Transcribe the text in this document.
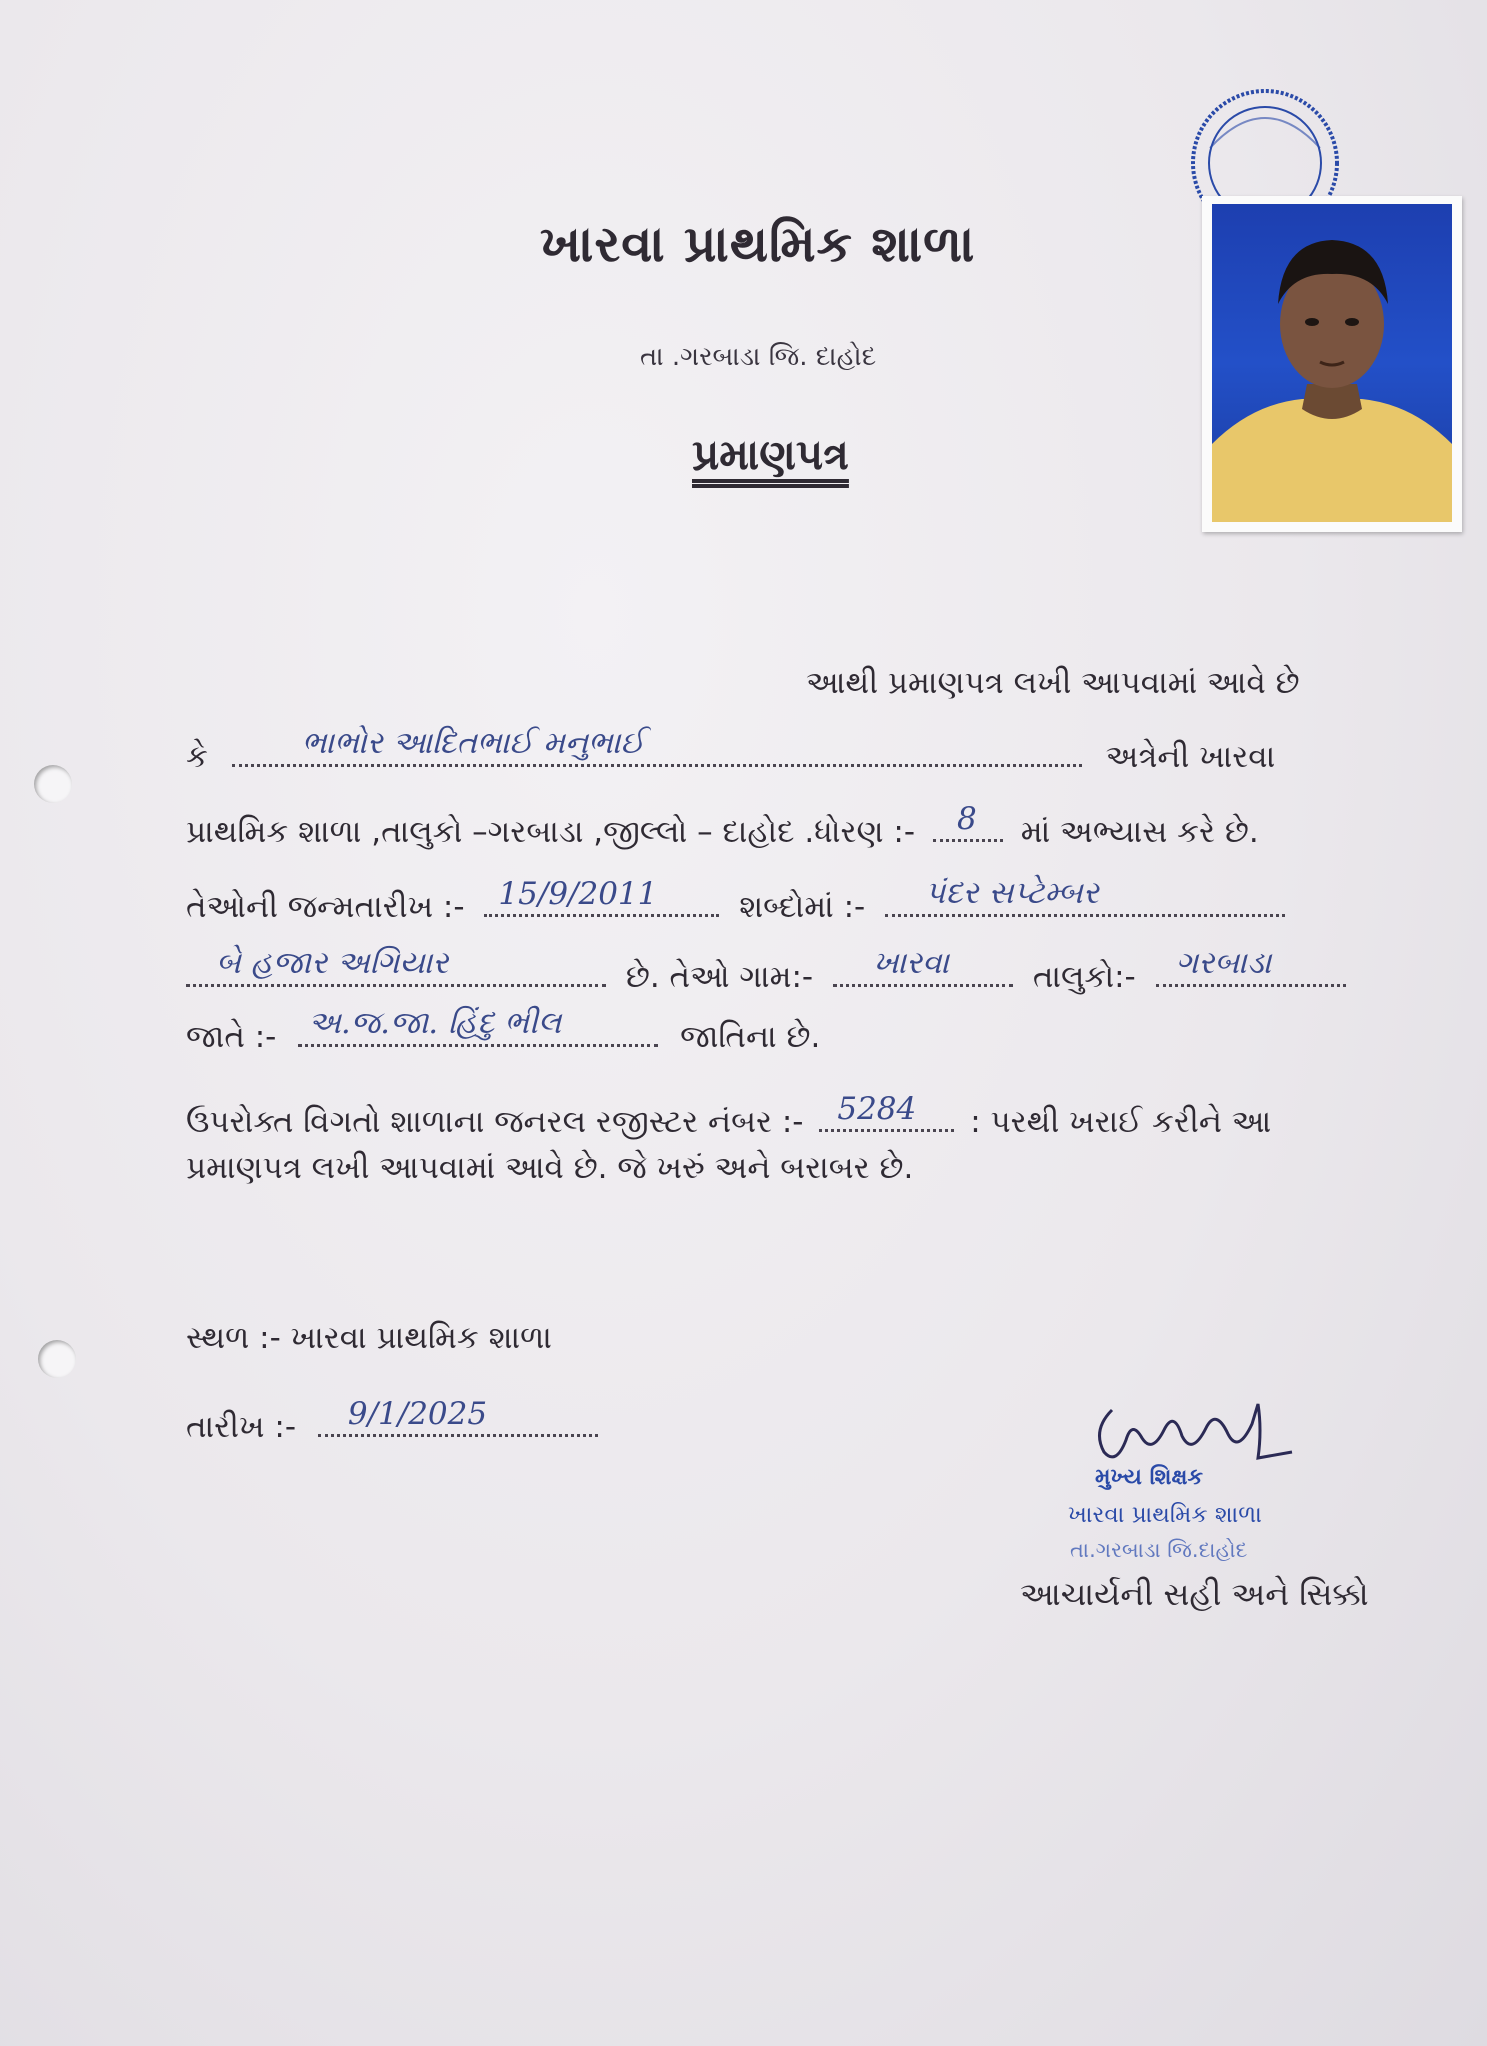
ખારવા પ્રાથમિક શાળા
તા .ગરબાડા જિ. દાહોદ
પ્રમાણપત્ર
આથી પ્રમાણપત્ર લખી આપવામાં આવે છે
કે	ભાભોર આદિતભાઈ મનુભાઈ	અત્રેની ખારવા
પ્રાથમિક શાળા ,તાલુકો –ગરબાડા ,જીલ્લો – દાહોદ .ધોરણ :- 8 માં અભ્યાસ કરે છે.
તેઓની જન્મતારીખ :- 15/9/2011	શબ્દોમાં :- પંદર સપ્ટેમ્બર
બે હજાર અગિયાર	છે. તેઓ ગામ:- ખારવા	તાલુકો:- ગરબાડા
જાતે :- અ.જ.જા. હિંદુ ભીલ	જાતિના છે.
ઉપરોક્ત વિગતો શાળાના જનરલ રજીસ્ટર નંબર :- 5284 : પરથી ખરાઈ કરીને આ
પ્રમાણપત્ર લખી આપવામાં આવે છે. જે ખરું અને બરાબર છે.
સ્થળ :- ખારવા પ્રાથમિક શાળા
તારીખ :- 9/1/2025
મુખ્ય શિક્ષક
ખારવા પ્રાથમિક શાળા
તા.ગરબાડા જિ.દાહોદ
આચાર્યની સહી અને સિક્કો
